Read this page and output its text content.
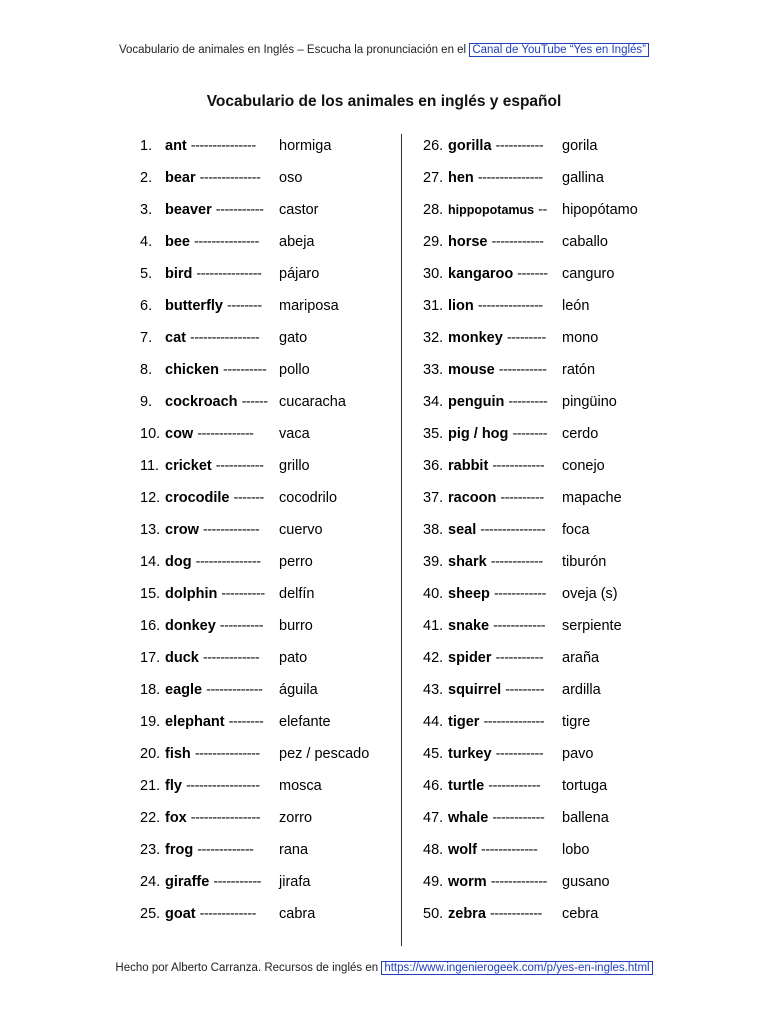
Vocabulario de animales en Inglés – Escucha la pronunciación en el Canal de YouTube “Yes en Inglés”
Vocabulario de los animales en inglés y español
1. ant --------------- hormiga
2. bear -------------- oso
3. beaver ----------- castor
4. bee --------------- abeja
5. bird --------------- pájaro
6. butterfly -------- mariposa
7. cat ---------------- gato
8. chicken ---------- pollo
9. cockroach ------ cucaracha
10. cow ------------- vaca
11. cricket ----------- grillo
12. crocodile ------- cocodrilo
13. crow ------------- cuervo
14. dog --------------- perro
15. dolphin ---------- delfín
16. donkey ---------- burro
17. duck ------------- pato
18. eagle ------------- águila
19. elephant -------- elefante
20. fish --------------- pez / pescado
21. fly ----------------- mosca
22. fox ---------------- zorro
23. frog ------------- rana
24. giraffe ----------- jirafa
25. goat ------------- cabra
26. gorilla ----------- gorila
27. hen --------------- gallina
28. hippopotamus -- hipopótamo
29. horse ------------ caballo
30. kangaroo ------- canguro
31. lion --------------- león
32. monkey --------- mono
33. mouse ----------- ratón
34. penguin --------- pingüino
35. pig / hog -------- cerdo
36. rabbit ------------ conejo
37. racoon ---------- mapache
38. seal --------------- foca
39. shark ------------ tiburón
40. sheep ------------ oveja (s)
41. snake ------------ serpiente
42. spider ----------- araña
43. squirrel --------- ardilla
44. tiger -------------- tigre
45. turkey ----------- pavo
46. turtle ------------ tortuga
47. whale ------------ ballena
48. wolf ------------- lobo
49. worm ------------- gusano
50. zebra ------------ cebra
Hecho por Alberto Carranza. Recursos de inglés en https://www.ingenierogeek.com/p/yes-en-ingles.html
